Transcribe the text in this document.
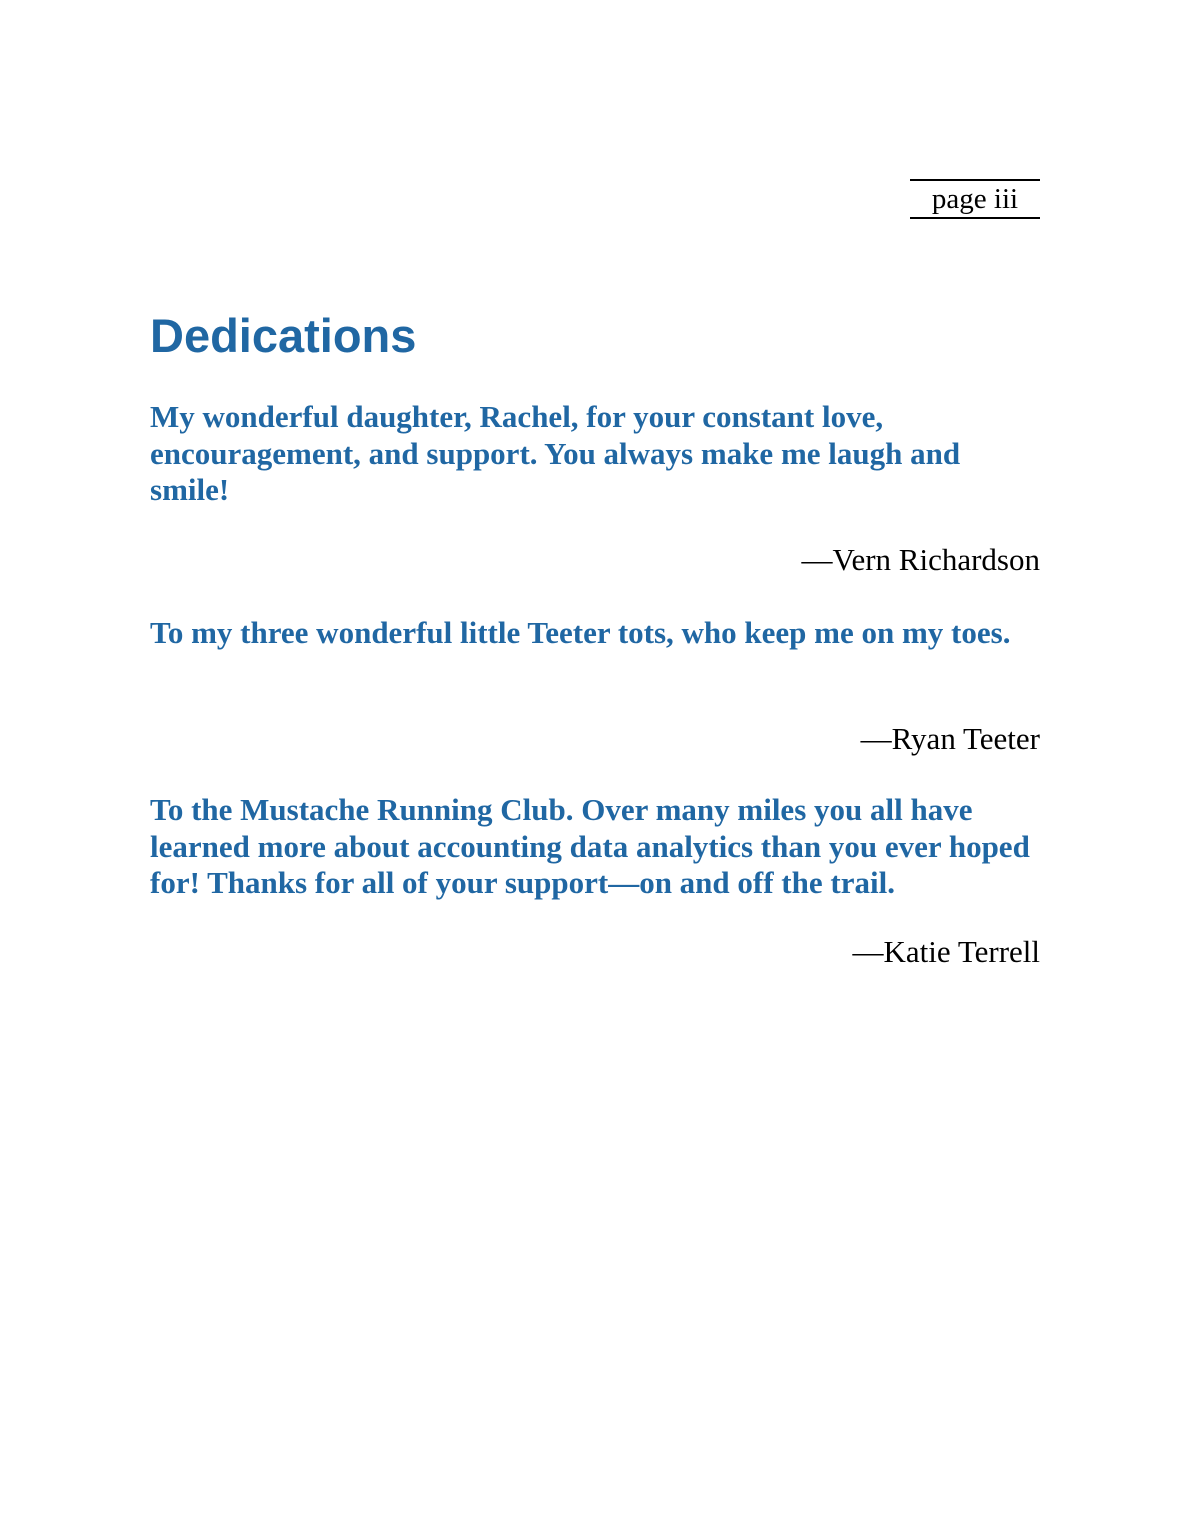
page iii
Dedications

My wonderful daughter, Rachel, for your constant love, encouragement, and support. You always make me laugh and smile!

—Vern Richardson

To my three wonderful little Teeter tots, who keep me on my toes.

—Ryan Teeter

To the Mustache Running Club. Over many miles you all have learned more about accounting data analytics than you ever hoped for! Thanks for all of your support—on and off the trail.

—Katie Terrell
